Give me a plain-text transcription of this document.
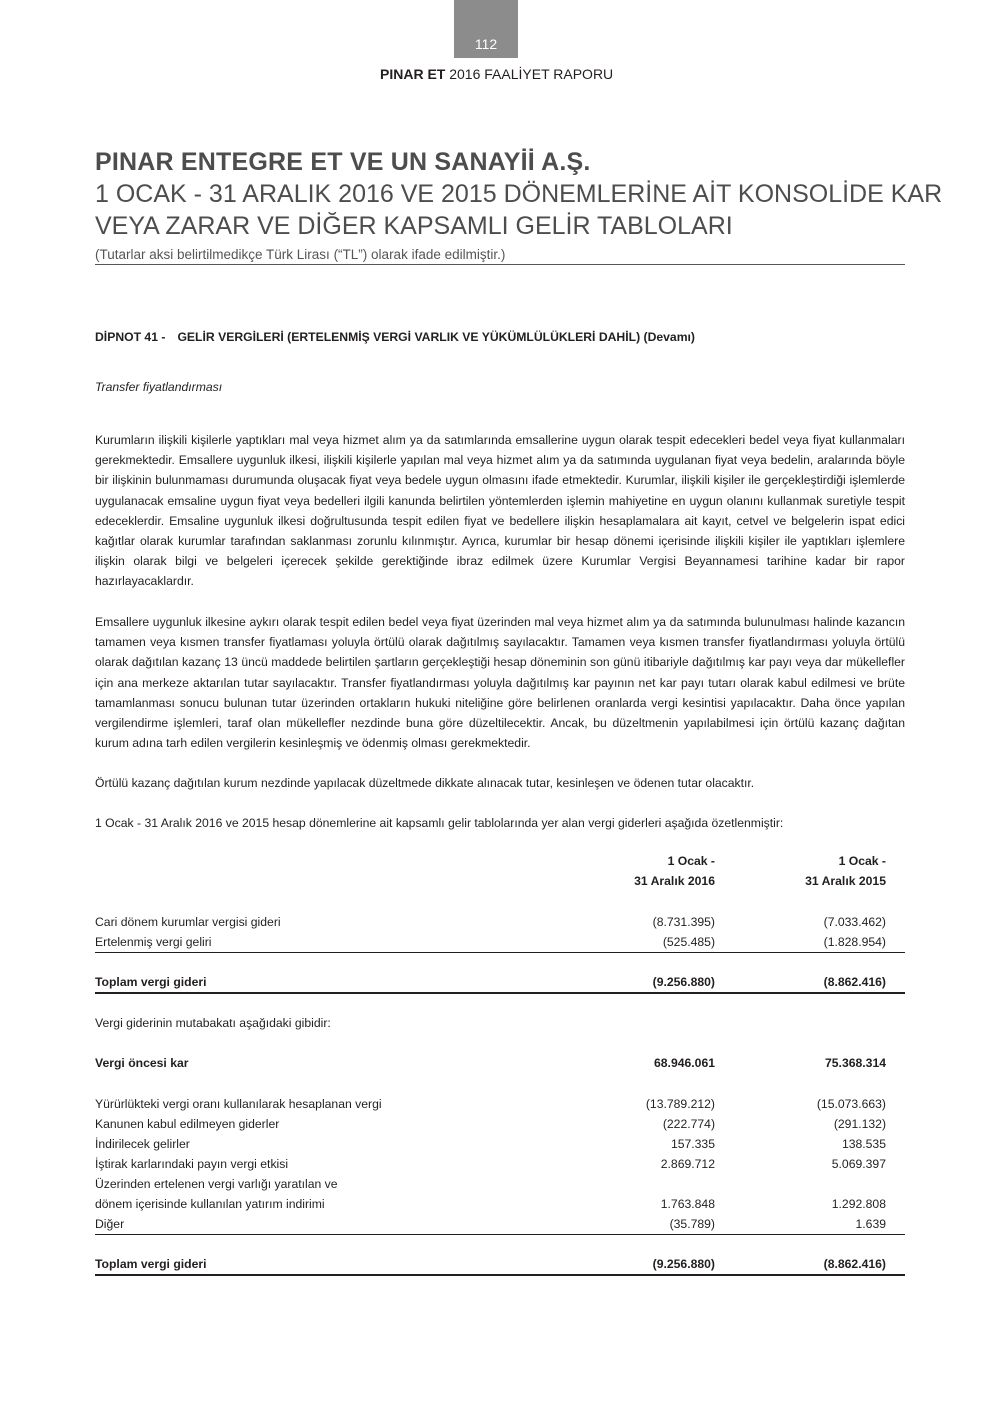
112
PINAR ET 2016 FAALİYET RAPORU
PINAR ENTEGRE ET VE UN SANAYİİ A.Ş.
1 OCAK - 31 ARALIK 2016 VE 2015 DÖNEMLERİNE AİT KONSOLİDE KAR
VEYA ZARAR VE DİĞER KAPSAMLI GELİR TABLOLARI
(Tutarlar aksi belirtilmedikçe Türk Lirası (“TL”) olarak ifade edilmiştir.)
DİPNOT 41 - GELİR VERGİLERİ (ERTELENMİŞ VERGİ VARLIK VE YÜKÜMLÜLÜKLERİ DAHİL) (Devamı)
Transfer fiyatlandırması

Kurumların ilişkili kişilerle yaptıkları mal veya hizmet alım ya da satımlarında emsallerine uygun olarak tespit edecekleri bedel veya fiyat kullanmaları gerekmektedir. Emsallere uygunluk ilkesi, ilişkili kişilerle yapılan mal veya hizmet alım ya da satımında uygulanan fiyat veya bedelin, aralarında böyle bir ilişkinin bulunmaması durumunda oluşacak fiyat veya bedele uygun olmasını ifade etmektedir. Kurumlar, ilişkili kişiler ile gerçekleştirdiği işlemlerde uygulanacak emsaline uygun fiyat veya bedelleri ilgili kanunda belirtilen yöntemlerden işlemin mahiyetine en uygun olanını kullanmak suretiyle tespit edeceklerdir. Emsaline uygunluk ilkesi doğrultusunda tespit edilen fiyat ve bedellere ilişkin hesaplamalara ait kayıt, cetvel ve belgelerin ispat edici kağıtlar olarak kurumlar tarafından saklanması zorunlu kılınmıştır. Ayrıca, kurumlar bir hesap dönemi içerisinde ilişkili kişiler ile yaptıkları işlemlere ilişkin olarak bilgi ve belgeleri içerecek şekilde gerektiğinde ibraz edilmek üzere Kurumlar Vergisi Beyannamesi tarihine kadar bir rapor hazırlayacaklardır.

Emsallere uygunluk ilkesine aykırı olarak tespit edilen bedel veya fiyat üzerinden mal veya hizmet alım ya da satımında bulunulması halinde kazancın tamamen veya kısmen transfer fiyatlaması yoluyla örtülü olarak dağıtılmış sayılacaktır. Tamamen veya kısmen transfer fiyatlandırması yoluyla örtülü olarak dağıtılan kazanç 13 üncü maddede belirtilen şartların gerçekleştiği hesap döneminin son günü itibariyle dağıtılmış kar payı veya dar mükellefler için ana merkeze aktarılan tutar sayılacaktır. Transfer fiyatlandırması yoluyla dağıtılmış kar payının net kar payı tutarı olarak kabul edilmesi ve brüte tamamlanması sonucu bulunan tutar üzerinden ortakların hukuki niteliğine göre belirlenen oranlarda vergi kesintisi yapılacaktır. Daha önce yapılan vergilendirme işlemleri, taraf olan mükellefler nezdinde buna göre düzeltilecektir. Ancak, bu düzeltmenin yapılabilmesi için örtülü kazanç dağıtan kurum adına tarh edilen vergilerin kesinleşmiş ve ödenmiş olması gerekmektedir.

Örtülü kazanç dağıtılan kurum nezdinde yapılacak düzeltmede dikkate alınacak tutar, kesinleşen ve ödenen tutar olacaktır.

1 Ocak - 31 Aralık 2016 ve 2015 hesap dönemlerine ait kapsamlı gelir tablolarında yer alan vergi giderleri aşağıda özetlenmiştir:

1 Ocak -	1 Ocak -
31 Aralık 2016	31 Aralık 2015
Cari dönem kurumlar vergisi gideri	(8.731.395)	(7.033.462)
Ertelenmiş vergi geliri	(525.485)	(1.828.954)
Toplam vergi gideri	(9.256.880)	(8.862.416)
Vergi giderinin mutabakatı aşağıdaki gibidir:
Vergi öncesi kar	68.946.061	75.368.314
Yürürlükteki vergi oranı kullanılarak hesaplanan vergi	(13.789.212)	(15.073.663)
Kanunen kabul edilmeyen giderler	(222.774)	(291.132)
İndirilecek gelirler	157.335	138.535
İştirak karlarındaki payın vergi etkisi	2.869.712	5.069.397
Üzerinden ertelenen vergi varlığı yaratılan ve
dönem içerisinde kullanılan yatırım indirimi	1.763.848	1.292.808
Diğer	(35.789)	1.639
Toplam vergi gideri	(9.256.880)	(8.862.416)
